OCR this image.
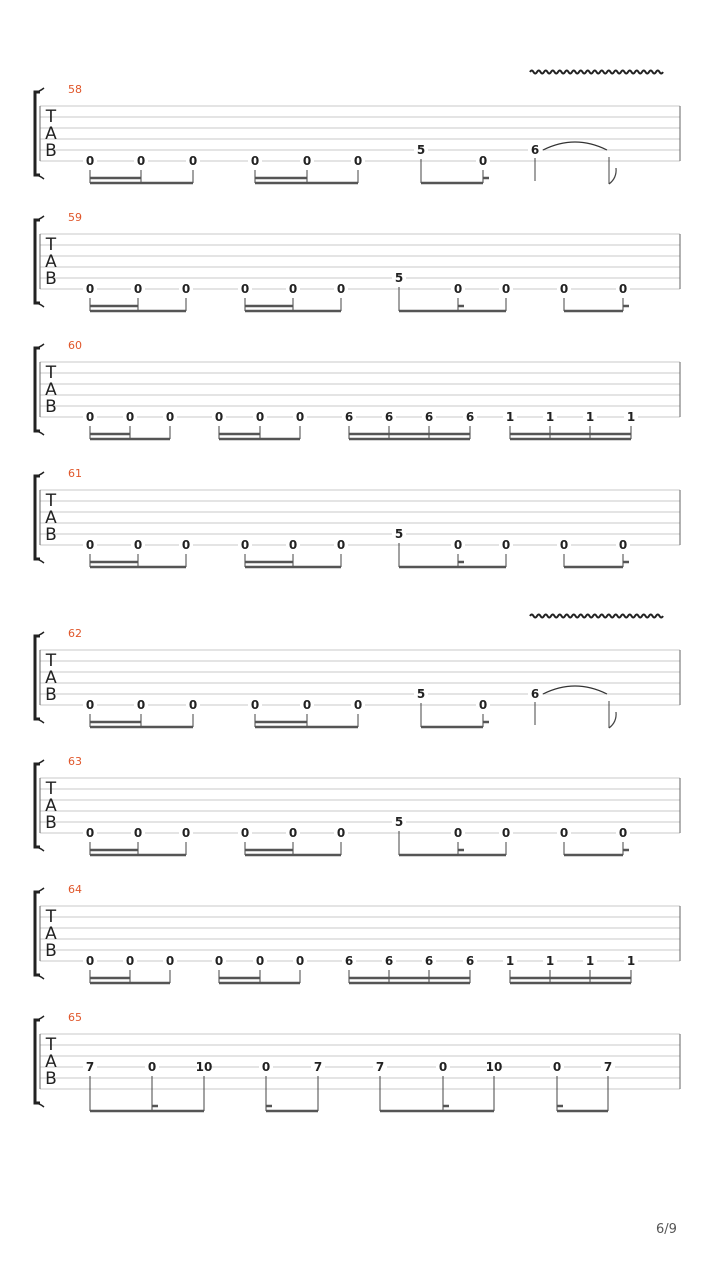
T
A
B
58
0	0	0	0	0	0
5
0
6
T
A
B
59
0	0	0	0	0	0
5
0	0	0	0
T
A
B
60
0	0	0	0	0	0	6	6	6	6	1	1	1	1
T
A
B
61
0	0	0	0	0	0
5
0	0	0	0
T
A
B
62
0	0	0	0	0	0
5
0
6
T
A
B
63
0	0	0	0	0	0
5
0	0	0	0
T
A
B
64
0	0	0	0	0	0	6	6	6	6	1	1	1	1
T
A
B
65
7	0	10	0	7	7	0	10	0	7
6/9
